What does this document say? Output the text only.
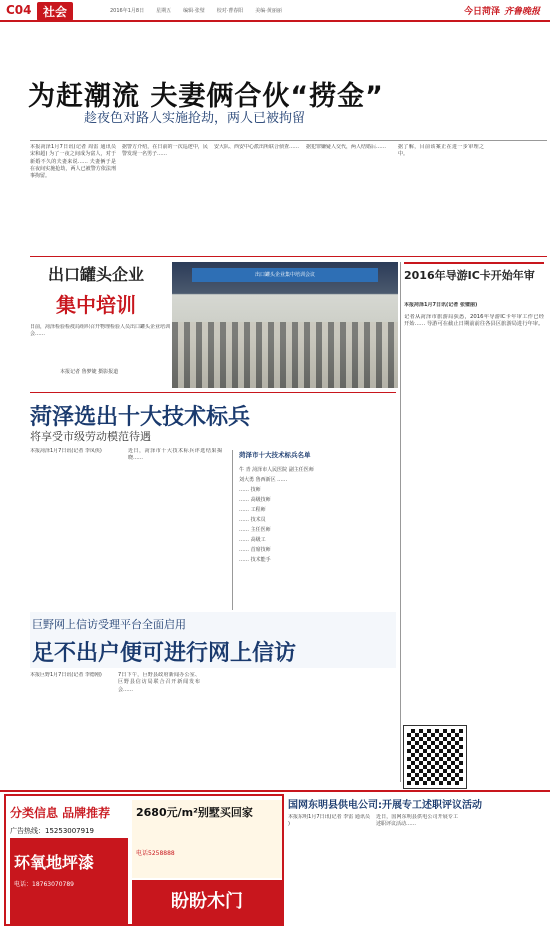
C04 社会	2016年1月8日 星期五 编辑·张璧 校对·曹春阳 美编·黄丽丽	今日菏泽 齐鲁晚报
为赶潮流 夫妻俩合伙“捞金”
趁夜色对路人实施抢劫，两人已被拘留
本报菏泽1月7日讯(记者 周雷 通讯员 宋和超) 为了一夜之间成为富人，对于新婚不久的夫妻来说…… 夫妻俩于是在夜间实施抢劫，两人已被警方依法刑事拘留。
据警方介绍，在日前的一次巡逻中，民警发现一名男子……
安大队、西安中心派出所联合侦查…… 据犯罪嫌疑人交代，两人结婚后……	据了解，目前该案正在进一步审理之中。
出口罐头企业
集中培训
日前，菏泽检验检疫局组织召开物理检验人员出口罐头企业培训会……
本报记者 鲁梦婕 摄影报道
出口罐头企业集中培训会议	2016年导游IC卡开始年审
本报菏泽1月7日讯(记者 张璧丽)
记者从菏泽市旅游局获悉，2016年导游IC卡年审工作已经开始…… 导游可在截止日期前前往各县区旅游局进行年审。
菏泽选出十大技术标兵
将享受市级劳动模范待遇
本报菏泽1月7日讯(记者 李凤侠)	近日，菏泽市十大技术标兵评选结果揭晓……	菏泽市十大技术标兵名单
牛 青 菏泽市人民医院 副主任医师
刘大勇 鲁西新区 ……
…… 技师
…… 高级技师
…… 工程师
…… 技术员
…… 主任医师
…… 高级工
…… 首席技师
…… 技术能手
巨野网上信访受理平台全面启用
足不出户便可进行网上信访
本报巨野1月7日讯(记者 李德刚)	7日下午，巨野县政府新闻办公室、巨野县信访局联合召开新闻发布会……
分类信息 品牌推荐
广告热线：15253007919
环氧地坪漆
电话：18763070789
2680元/m²别墅买回家
电话5258888
盼盼木门
国网东明县供电公司:开展专工述职评议活动
本报东明1月7日讯(记者 李雷 通讯员 )
近日，国网东明县供电公司开展专工述职评议活动……
